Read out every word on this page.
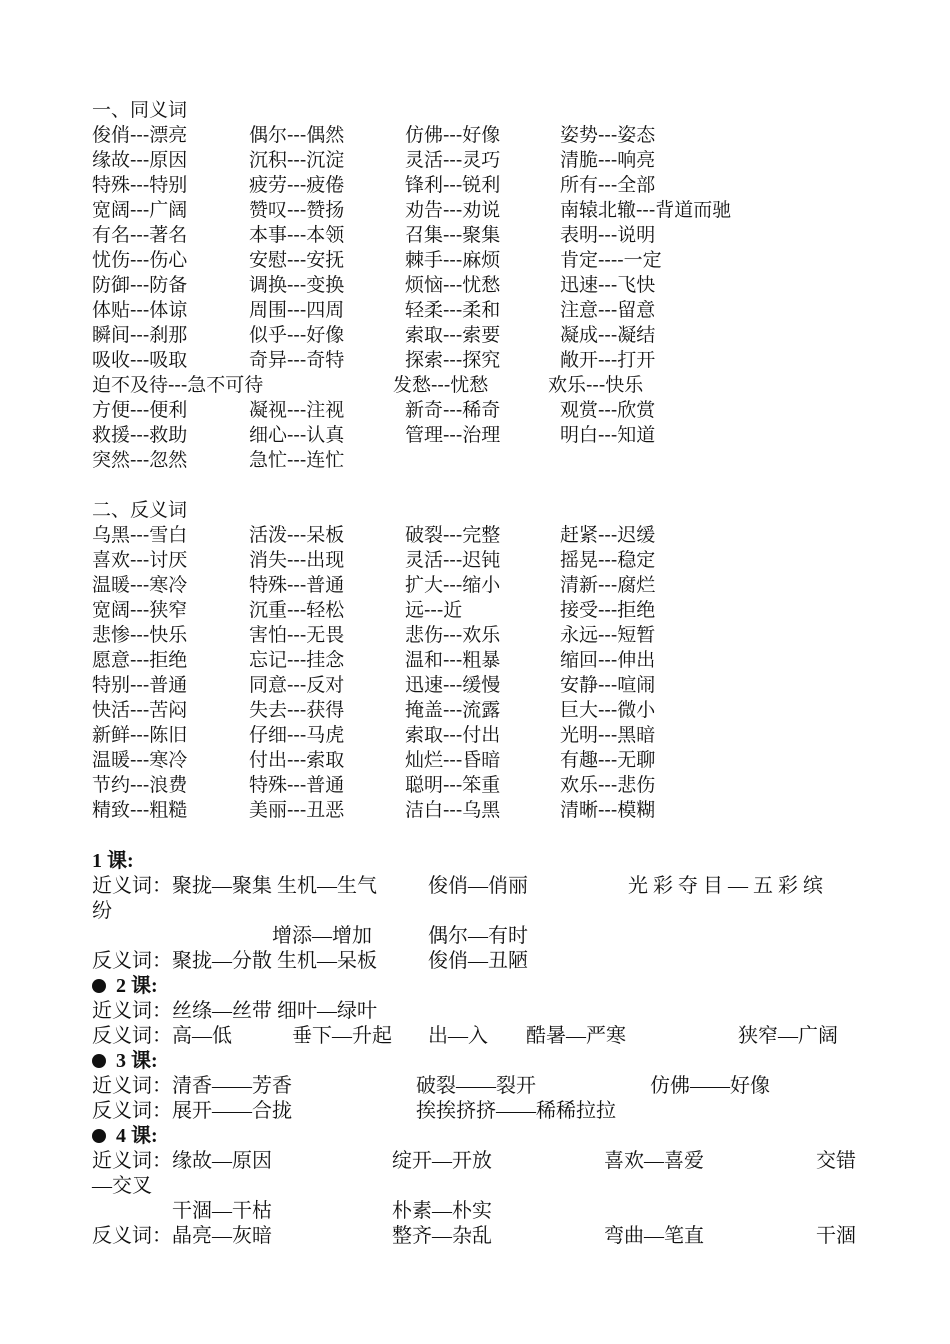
一、同义词
俊俏---漂亮	偶尔---偶然	仿佛---好像	姿势---姿态
缘故---原因	沉积---沉淀	灵活---灵巧	清脆---响亮
特殊---特别	疲劳---疲倦	锋利---锐利	所有---全部
宽阔---广阔	赞叹---赞扬	劝告---劝说	南辕北辙---背道而驰
有名---著名	本事---本领	召集---聚集	表明---说明
忧伤---伤心	安慰---安抚	棘手---麻烦	肯定----一定
防御---防备	调换---变换	烦恼---忧愁	迅速---飞快
体贴---体谅	周围---四周	轻柔---柔和	注意---留意
瞬间---刹那	似乎---好像	索取---索要	凝成---凝结
吸收---吸取	奇异---奇特	探索---探究	敞开---打开
迫不及待---急不可待	发愁---忧愁	欢乐---快乐
方便---便利	凝视---注视	新奇---稀奇	观赏---欣赏
救援---救助	细心---认真	管理---治理	明白---知道
突然---忽然	急忙---连忙
二、反义词
乌黑---雪白	活泼---呆板	破裂---完整	赶紧---迟缓
喜欢---讨厌	消失---出现	灵活---迟钝	摇晃---稳定
温暖---寒冷	特殊---普通	扩大---缩小	清新---腐烂
宽阔---狭窄	沉重---轻松	远---近	接受---拒绝
悲惨---快乐	害怕---无畏	悲伤---欢乐	永远---短暂
愿意---拒绝	忘记---挂念	温和---粗暴	缩回---伸出
特别---普通	同意---反对	迅速---缓慢	安静---喧闹
快活---苦闷	失去---获得	掩盖---流露	巨大---微小
新鲜---陈旧	仔细---马虎	索取---付出	光明---黑暗
温暖---寒冷	付出---索取	灿烂---昏暗	有趣---无聊
节约---浪费	特殊---普通	聪明---笨重	欢乐---悲伤
精致---粗糙	美丽---丑恶	洁白---乌黑	清晰---模糊
1 课:
近义词：聚拢—聚集 生机—生气	俊俏—俏丽	光 彩 夺 目 — 五 彩 缤
纷
增添—增加	偶尔—有时
反义词：聚拢—分散 生机—呆板	俊俏—丑陋
2 课:
近义词：丝绦—丝带 细叶—绿叶
反义词：高—低	垂下—升起 出—入 酷暑—严寒	狭窄—广阔
3 课:
近义词：清香——芳香	破裂——裂开	仿佛——好像
反义词：展开——合拢	挨挨挤挤——稀稀拉拉
4 课:
近义词：缘故—原因	绽开—开放	喜欢—喜爱	交错
—交叉
干涸—干枯	朴素—朴实
反义词：晶亮—灰暗	整齐—杂乱	弯曲—笔直	干涸
